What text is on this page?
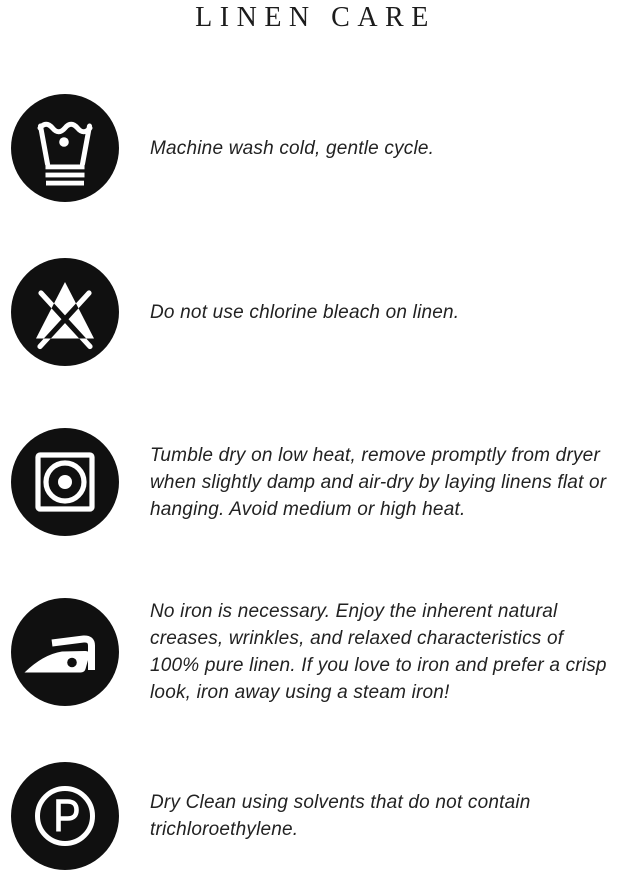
LINEN CARE

Machine wash cold, gentle cycle.

Do not use chlorine bleach on linen.

Tumble dry on low heat, remove promptly from dryer when slightly damp and air-dry by laying linens flat or hanging. Avoid medium or high heat.

No iron is necessary. Enjoy the inherent natural creases, wrinkles, and relaxed characteristics of 100% pure linen. If you love to iron and prefer a crisp look, iron away using a steam iron!

Dry Clean using solvents that do not contain trichloroethylene.
